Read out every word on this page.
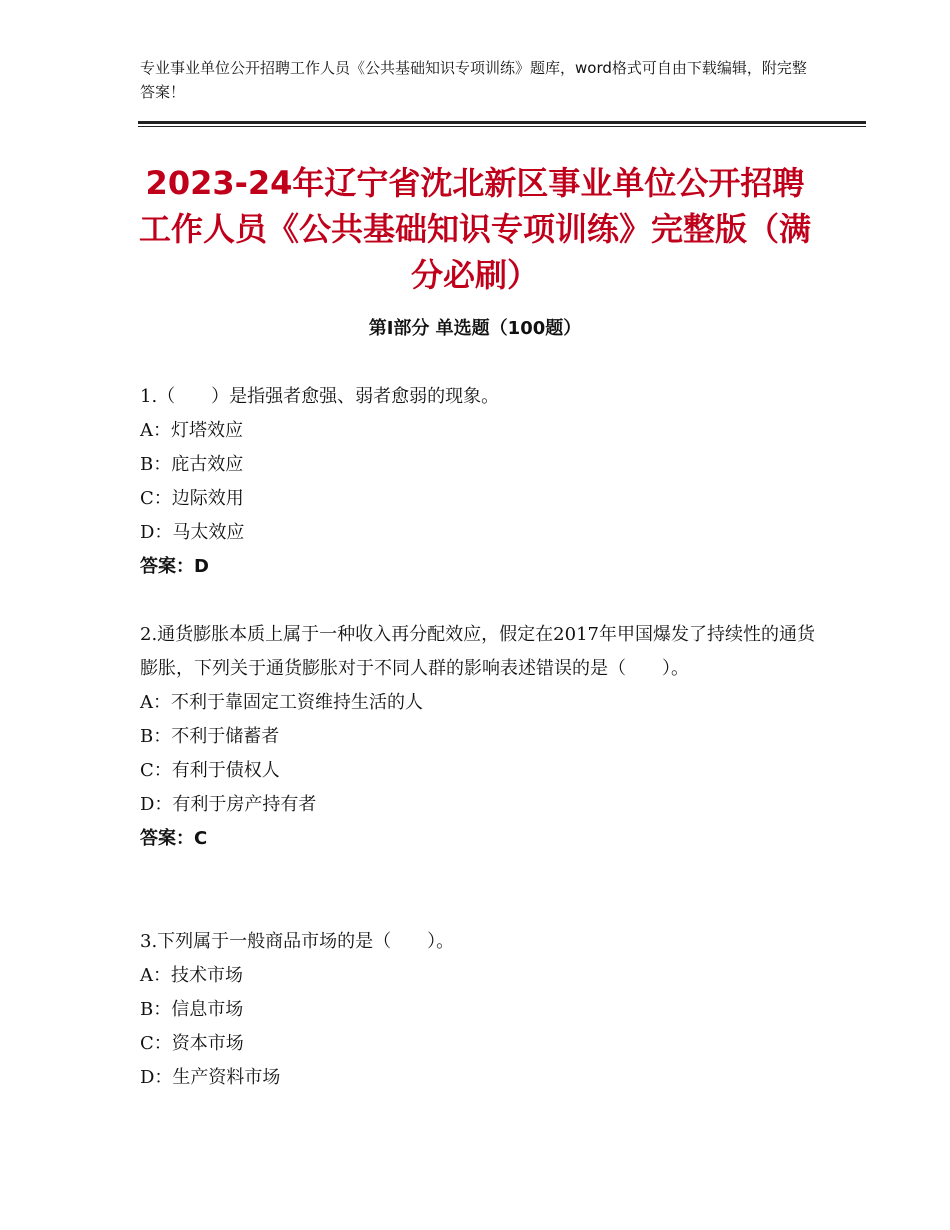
专业事业单位公开招聘工作人员《公共基础知识专项训练》题库，word格式可自由下载编辑，附完整答案！
2023-24年辽宁省沈北新区事业单位公开招聘工作人员《公共基础知识专项训练》完整版（满分必刷）
第Ⅰ部分 单选题（100题）
1.（　　）是指强者愈强、弱者愈弱的现象。
A：灯塔效应
B：庇古效应
C：边际效用
D：马太效应
答案：D
2.通货膨胀本质上属于一种收入再分配效应，假定在2017年甲国爆发了持续性的通货膨胀，下列关于通货膨胀对于不同人群的影响表述错误的是（　　）。
A：不利于靠固定工资维持生活的人
B：不利于储蓄者
C：有利于债权人
D：有利于房产持有者
答案：C
3.下列属于一般商品市场的是（　　）。
A：技术市场
B：信息市场
C：资本市场
D：生产资料市场
